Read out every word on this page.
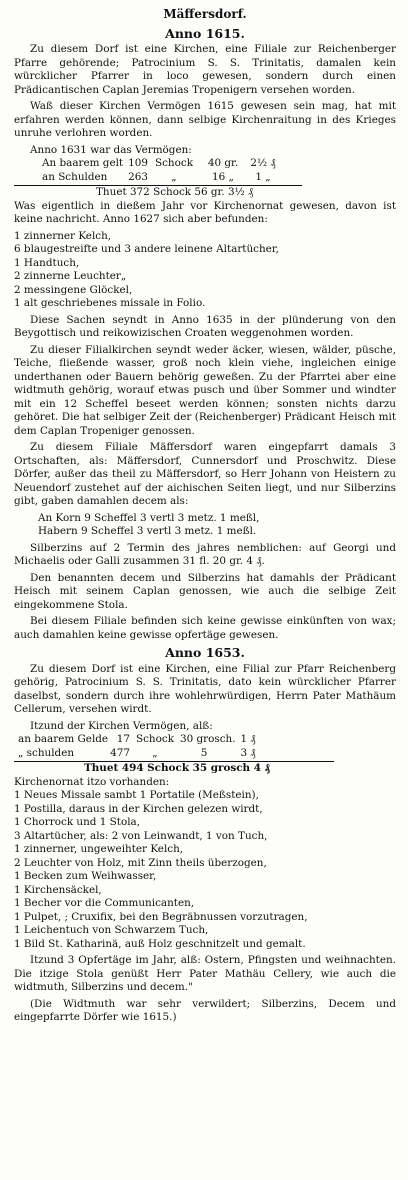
Mäffersdorf.
Anno 1615.

Zu diesem Dorf ist eine Kirchen, eine Filiale zur Reichenberger Pfarre gehörende; Patrocinium S. S. Trinitatis, damalen kein würcklicher Pfarrer in loco gewesen, sondern durch einen Prädicantischen Caplan Jeremias Tropenigern versehen worden.

Waß dieser Kirchen Vermögen 1615 gewesen sein mag, hat mit erfahren werden können, dann selbige Kirchenraitung in des Krieges unruhe verlohren worden.

Anno 1631 war das Vermögen:
An baarem gelt 109 Schock	40 gr.	2½ ₰
an Schulden	263	„	16 „	1 „
Thuet 372 Schock 56 gr. 3½ ₰

Was eigentlich in dießem Jahr vor Kirchenornat gewesen, davon ist keine nachricht. Anno 1627 sich aber befunden:

1 zinnerner Kelch,
6 blaugestreifte und 3 andere leinene Altartücher,
1 Handtuch,
2 zinnerne Leuchter„
2 messingene Glöckel,
1 alt geschriebenes missale in Folio.

Diese Sachen seyndt in Anno 1635 in der plünderung von den Beygottisch und reikowizischen Croaten weggenohmen worden.

Zu dieser Filialkirchen seyndt weder äcker, wiesen, wälder, püsche, Teiche, fließende wasser, groß noch klein viehe, ingleichen einige underthanen oder Bauern behörig geweßen. Zu der Pfarrtei aber eine widtmuth gehörig, worauf etwas pusch und über Sommer und windter mit ein 12 Scheffel beseet werden können; sonsten nichts darzu gehöret. Die hat selbiger Zeit der (Reichenberger) Prädicant Heisch mit dem Caplan Tropeniger genossen.

Zu diesem Filiale Mäffersdorf waren eingepfarrt damals 3 Ortschaften, als: Mäffersdorf, Cunnersdorf und Proschwitz. Diese Dörfer, außer das theil zu Mäffersdorf, so Herr Johann von Heistern zu Neuendorf zustehet auf der aichischen Seiten liegt, und nur Silberzins gibt, gaben damahlen decem als:

An Korn 9 Scheffel 3 vertl 3 metz. 1 meßl,
Habern 9 Scheffel 3 vertl 3 metz. 1 meßl.

Silberzins auf 2 Termin des jahres nemblichen: auf Georgi und Michaelis oder Galli zusammen 31 fl. 20 gr. 4 ₰.

Den benannten decem und Silberzins hat damahls der Prädicant Heisch mit seinem Caplan genossen, wie auch die selbige Zeit eingekommene Stola.

Bei diesem Filiale befinden sich keine gewisse einkünften von wax; auch damahlen keine gewisse opfertäge gewesen.

Anno 1653.

Zu diesem Dorf ist eine Kirchen, eine Filial zur Pfarr Reichenberg gehörig, Patrocinium S. S. Trinitatis, dato kein würcklicher Pfarrer daselbst, sondern durch ihre wohlehrwürdigen, Herrn Pater Mathäum Cellerum, versehen wirdt.

Itzund der Kirchen Vermögen, alß:
an baarem Gelde 17 Schock 30 grosch. 1 ₰
„ schulden	477	„	5	3 ₰
Thuet 494 Schock 35 grosch 4 ₰
Kirchenornat itzo vorhanden:
1 Neues Missale sambt 1 Portatile (Meßstein),
1 Postilla, daraus in der Kirchen gelezen wirdt,
1 Chorrock und 1 Stola,
3 Altartücher, als: 2 von Leinwandt, 1 von Tuch,
1 zinnerner, ungeweihter Kelch,
2 Leuchter von Holz, mit Zinn theils überzogen,
1 Becken zum Weihwasser,
1 Kirchensäckel,
1 Becher vor die Communicanten,
1 Pulpet, ; Cruxifix, bei den Begräbnussen vorzutragen,
1 Leichentuch von Schwarzem Tuch,
1 Bild St. Katharinä, auß Holz geschnitzelt und gemalt.

Itzund 3 Opfertäge im Jahr, alß: Ostern, Pfingsten und weihnachten. Die itzige Stola genüßt Herr Pater Mathäu Cellery, wie auch die widtmuth, Silberzins und decem."

(Die Widtmuth war sehr verwildert; Silberzins, Decem und eingepfarrte Dörfer wie 1615.)
